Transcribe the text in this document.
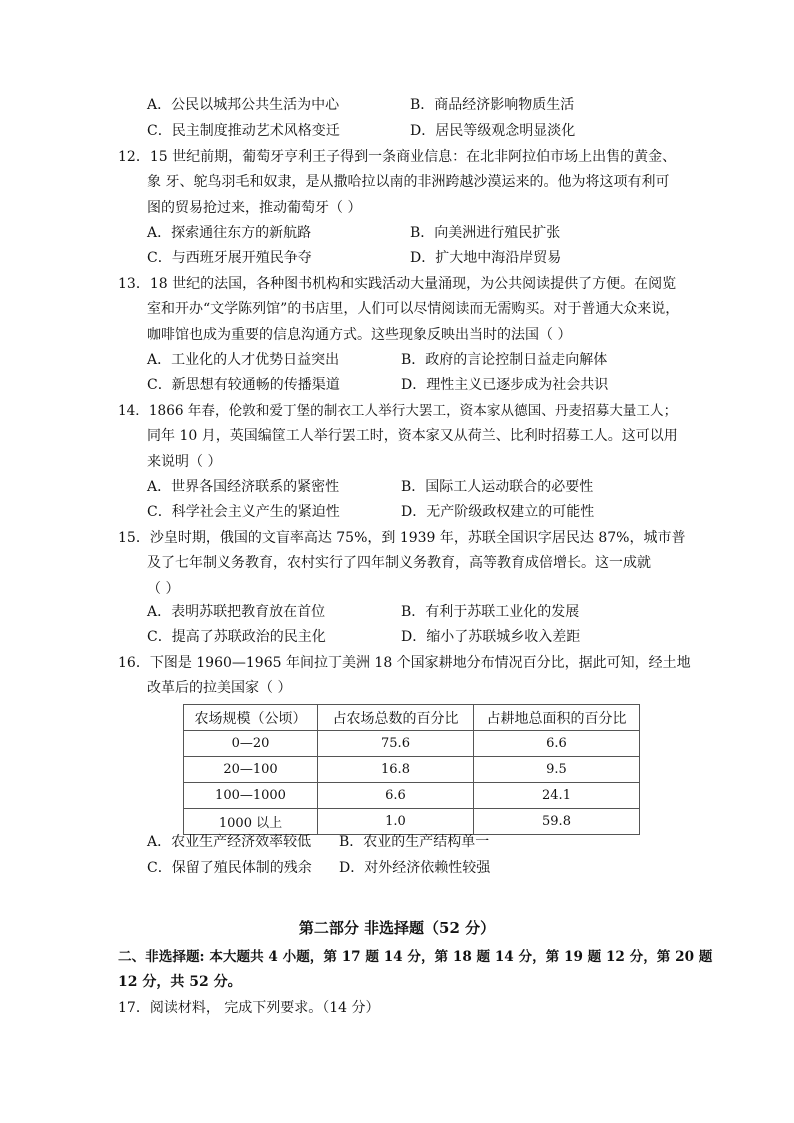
A．公民以城邦公共生活为中心	B．商品经济影响物质生活
C．民主制度推动艺术风格变迁	D．居民等级观念明显淡化
12．15 世纪前期，葡萄牙亨利王子得到一条商业信息：在北非阿拉伯市场上出售的黄金、
象 牙、鸵鸟羽毛和奴隶，是从撒哈拉以南的非洲跨越沙漠运来的。他为将这项有利可
图的贸易抢过来，推动葡萄牙（ ）
A．探索通往东方的新航路	B．向美洲进行殖民扩张
C．与西班牙展开殖民争夺	D．扩大地中海沿岸贸易
13．18 世纪的法国，各种图书机构和实践活动大量涌现，为公共阅读提供了方便。在阅览
室和开办“文学陈列馆”的书店里，人们可以尽情阅读而无需购买。对于普通大众来说，
咖啡馆也成为重要的信息沟通方式。这些现象反映出当时的法国（ ）
A．工业化的人才优势日益突出	B．政府的言论控制日益走向解体
C．新思想有较通畅的传播渠道	D．理性主义已逐步成为社会共识
14．1866 年春，伦敦和爱丁堡的制衣工人举行大罢工，资本家从德国、丹麦招募大量工人；
同年 10 月，英国编筐工人举行罢工时，资本家又从荷兰、比利时招募工人。这可以用
来说明（ ）
A．世界各国经济联系的紧密性	B．国际工人运动联合的必要性
C．科学社会主义产生的紧迫性	D．无产阶级政权建立的可能性
15．沙皇时期，俄国的文盲率高达 75%，到 1939 年，苏联全国识字居民达 87%，城市普
及了七年制义务教育，农村实行了四年制义务教育，高等教育成倍增长。这一成就
（ ）
A．表明苏联把教育放在首位	B．有利于苏联工业化的发展
C．提高了苏联政治的民主化	D．缩小了苏联城乡收入差距
16．下图是 1960—1965 年间拉丁美洲 18 个国家耕地分布情况百分比，据此可知，经土地
改革后的拉美国家（ ）
农场规模（公顷）	占农场总数的百分比	占耕地总面积的百分比
0—20	75.6	6.6
20—100	16.8	9.5
100—1000	6.6	24.1
1000 以上	1.0	59.8
A．农业生产经济效率较低 B．农业的生产结构单一
C．保留了殖民体制的残余 D．对外经济依赖性较强
第二部分 非选择题（52 分）
二、非选择题: 本大题共 4 小题，第 17 题 14 分，第 18 题 14 分，第 19 题 12 分，第 20 题
12 分，共 52 分。
17．阅读材料， 完成下列要求。（14 分）
